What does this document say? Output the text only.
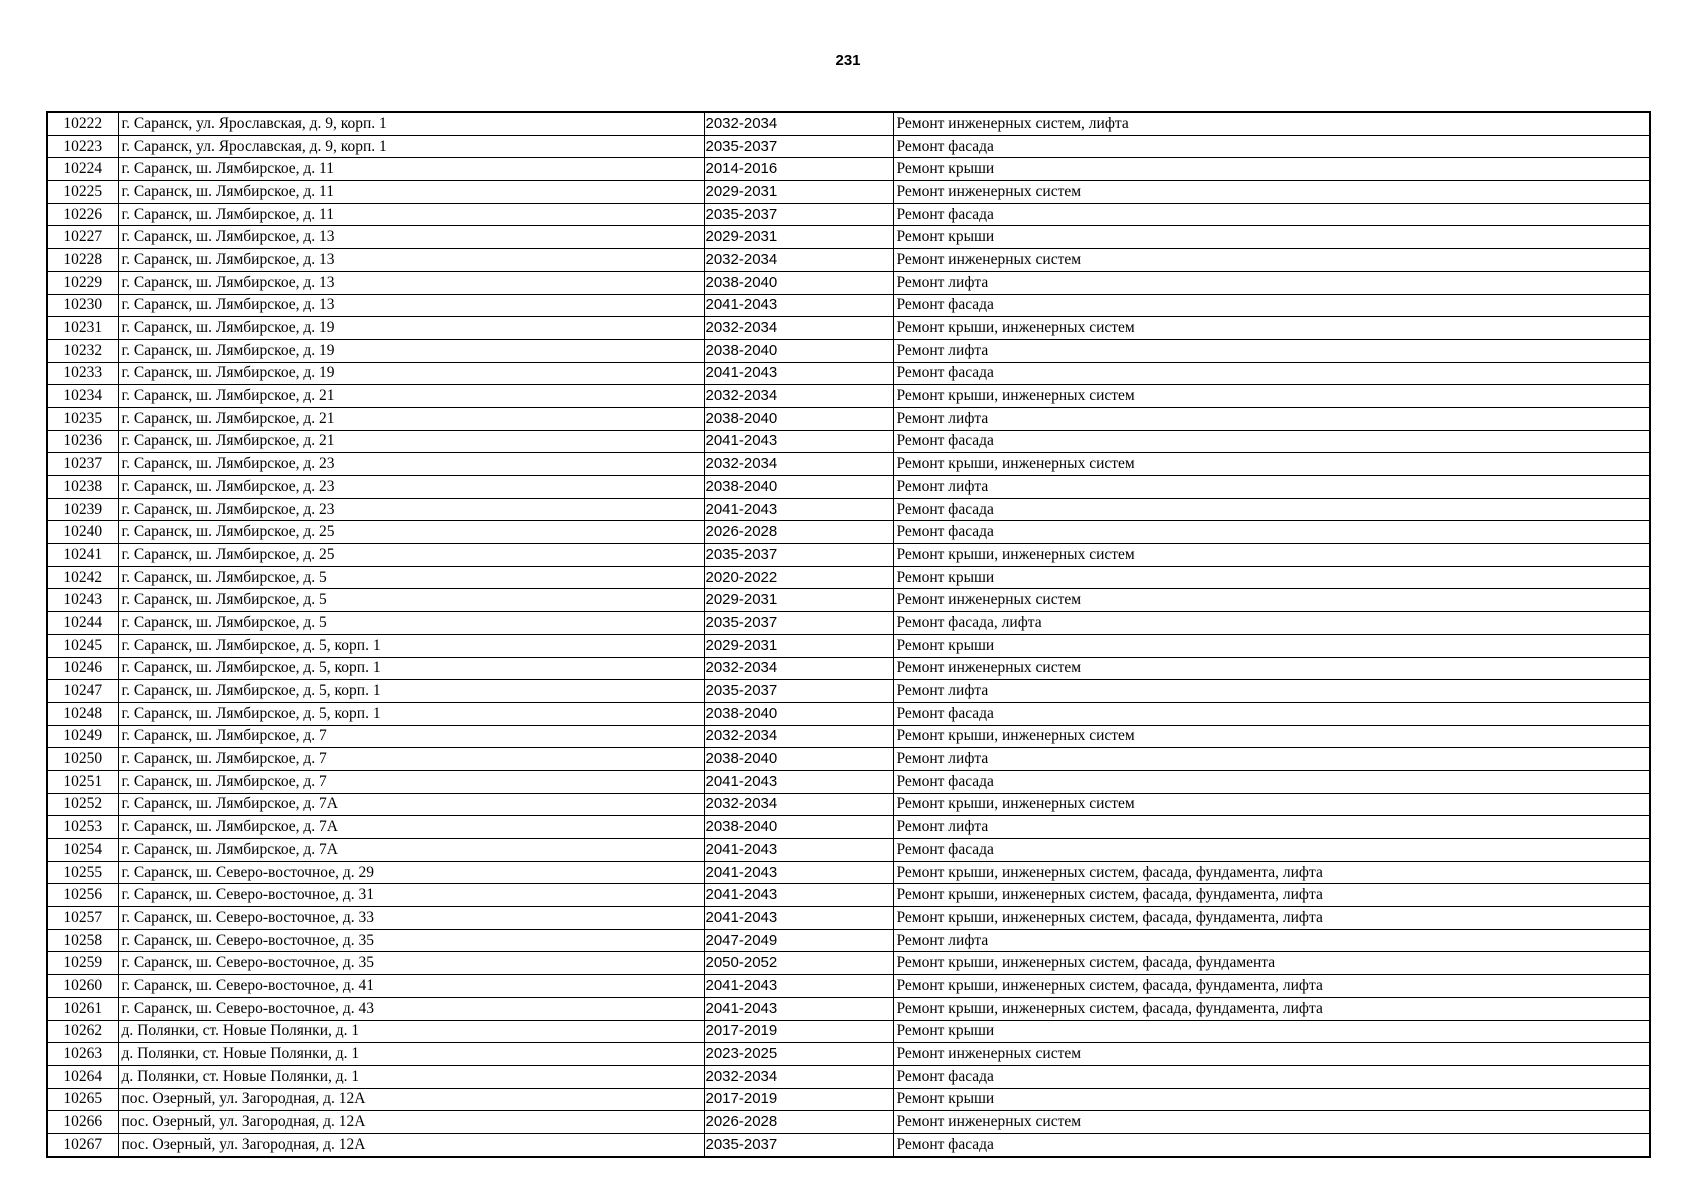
231
10222	г. Саранск, ул. Ярославская, д. 9, корп. 1	2032-2034	Ремонт инженерных систем, лифта
10223	г. Саранск, ул. Ярославская, д. 9, корп. 1	2035-2037	Ремонт фасада
10224	г. Саранск, ш. Лямбирское, д. 11	2014-2016	Ремонт крыши
10225	г. Саранск, ш. Лямбирское, д. 11	2029-2031	Ремонт инженерных систем
10226	г. Саранск, ш. Лямбирское, д. 11	2035-2037	Ремонт фасада
10227	г. Саранск, ш. Лямбирское, д. 13	2029-2031	Ремонт крыши
10228	г. Саранск, ш. Лямбирское, д. 13	2032-2034	Ремонт инженерных систем
10229	г. Саранск, ш. Лямбирское, д. 13	2038-2040	Ремонт лифта
10230	г. Саранск, ш. Лямбирское, д. 13	2041-2043	Ремонт фасада
10231	г. Саранск, ш. Лямбирское, д. 19	2032-2034	Ремонт крыши, инженерных систем
10232	г. Саранск, ш. Лямбирское, д. 19	2038-2040	Ремонт лифта
10233	г. Саранск, ш. Лямбирское, д. 19	2041-2043	Ремонт фасада
10234	г. Саранск, ш. Лямбирское, д. 21	2032-2034	Ремонт крыши, инженерных систем
10235	г. Саранск, ш. Лямбирское, д. 21	2038-2040	Ремонт лифта
10236	г. Саранск, ш. Лямбирское, д. 21	2041-2043	Ремонт фасада
10237	г. Саранск, ш. Лямбирское, д. 23	2032-2034	Ремонт крыши, инженерных систем
10238	г. Саранск, ш. Лямбирское, д. 23	2038-2040	Ремонт лифта
10239	г. Саранск, ш. Лямбирское, д. 23	2041-2043	Ремонт фасада
10240	г. Саранск, ш. Лямбирское, д. 25	2026-2028	Ремонт фасада
10241	г. Саранск, ш. Лямбирское, д. 25	2035-2037	Ремонт крыши, инженерных систем
10242	г. Саранск, ш. Лямбирское, д. 5	2020-2022	Ремонт крыши
10243	г. Саранск, ш. Лямбирское, д. 5	2029-2031	Ремонт инженерных систем
10244	г. Саранск, ш. Лямбирское, д. 5	2035-2037	Ремонт фасада, лифта
10245	г. Саранск, ш. Лямбирское, д. 5, корп. 1	2029-2031	Ремонт крыши
10246	г. Саранск, ш. Лямбирское, д. 5, корп. 1	2032-2034	Ремонт инженерных систем
10247	г. Саранск, ш. Лямбирское, д. 5, корп. 1	2035-2037	Ремонт лифта
10248	г. Саранск, ш. Лямбирское, д. 5, корп. 1	2038-2040	Ремонт фасада
10249	г. Саранск, ш. Лямбирское, д. 7	2032-2034	Ремонт крыши, инженерных систем
10250	г. Саранск, ш. Лямбирское, д. 7	2038-2040	Ремонт лифта
10251	г. Саранск, ш. Лямбирское, д. 7	2041-2043	Ремонт фасада
10252	г. Саранск, ш. Лямбирское, д. 7А	2032-2034	Ремонт крыши, инженерных систем
10253	г. Саранск, ш. Лямбирское, д. 7А	2038-2040	Ремонт лифта
10254	г. Саранск, ш. Лямбирское, д. 7А	2041-2043	Ремонт фасада
10255	г. Саранск, ш. Северо-восточное, д. 29	2041-2043	Ремонт крыши, инженерных систем, фасада, фундамента, лифта
10256	г. Саранск, ш. Северо-восточное, д. 31	2041-2043	Ремонт крыши, инженерных систем, фасада, фундамента, лифта
10257	г. Саранск, ш. Северо-восточное, д. 33	2041-2043	Ремонт крыши, инженерных систем, фасада, фундамента, лифта
10258	г. Саранск, ш. Северо-восточное, д. 35	2047-2049	Ремонт лифта
10259	г. Саранск, ш. Северо-восточное, д. 35	2050-2052	Ремонт крыши, инженерных систем, фасада, фундамента
10260	г. Саранск, ш. Северо-восточное, д. 41	2041-2043	Ремонт крыши, инженерных систем, фасада, фундамента, лифта
10261	г. Саранск, ш. Северо-восточное, д. 43	2041-2043	Ремонт крыши, инженерных систем, фасада, фундамента, лифта
10262	д. Полянки, ст. Новые Полянки, д. 1	2017-2019	Ремонт крыши
10263	д. Полянки, ст. Новые Полянки, д. 1	2023-2025	Ремонт инженерных систем
10264	д. Полянки, ст. Новые Полянки, д. 1	2032-2034	Ремонт фасада
10265	пос. Озерный, ул. Загородная, д. 12А	2017-2019	Ремонт крыши
10266	пос. Озерный, ул. Загородная, д. 12А	2026-2028	Ремонт инженерных систем
10267	пос. Озерный, ул. Загородная, д. 12А	2035-2037	Ремонт фасада
